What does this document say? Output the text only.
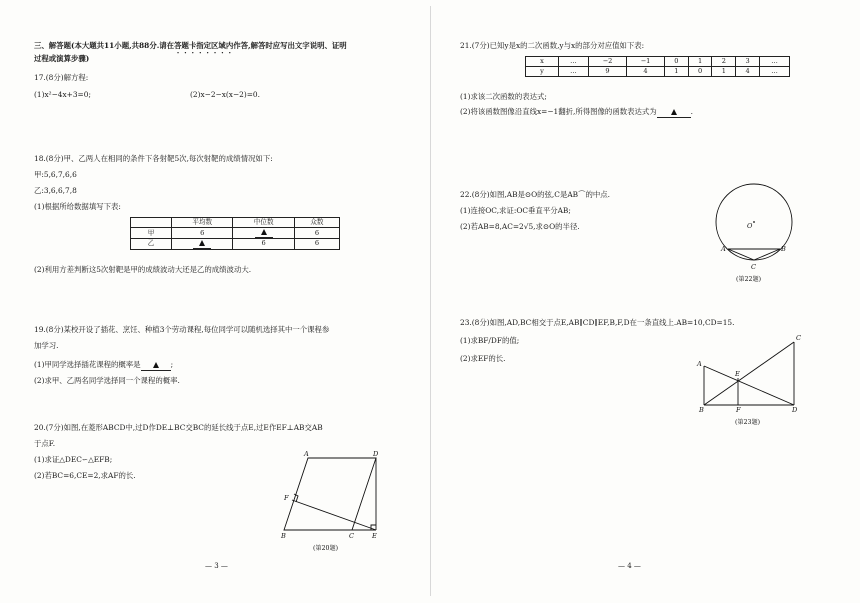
三、解答题(本大题共11小题,共88分.请在答题卡指定区域内作答,解答时应写出文字说明、证明
过程或演算步骤)
17.(8分)解方程:
(1)x²−4x+3=0;	(2)x−2−x(x−2)=0.
18.(8分)甲、乙两人在相同的条件下各射靶5次,每次射靶的成绩情况如下:
甲:5,6,7,6,6
乙:3,6,6,7,8
(1)根据所给数据填写下表:
	平均数	中位数	众数
甲	6		6
乙		6	6
(2)利用方差判断这5次射靶是甲的成绩波动大还是乙的成绩波动大.
19.(8分)某校开设了插花、烹饪、种植3个劳动课程,每位同学可以随机选择其中一个课程参
加学习.
(1)甲同学选择插花课程的概率是	;
(2)求甲、乙两名同学选择同一个课程的概率.
20.(7分)如图,在菱形ABCD中,过D作DE⊥BC交BC的延长线于点E,过E作EF⊥AB交AB
于点F.
(1)求证△DEC∽△EFB;
(2)若BC=6,CE=2,求AF的长.
A	D
F
B	C	E
(第20题)
— 3 —
21.(7分)已知y是x的二次函数,y与x的部分对应值如下表:
x	…	−2	−1	0	1	2	3	…
y	…	9	4	1	0	1	4	…
(1)求该二次函数的表达式;
(2)将该函数图像沿直线x=−1翻折,所得图像的函数表达式为	.
22.(8分)如图,AB是⊙O的弦,C是AB⌒的中点.
(1)连接OC,求证:OC垂直平分AB;
(2)若AB=8,AC=2√5,求⊙O的半径.	O
A	B
C
(第22题)
23.(8分)如图,AD,BC相交于点E,AB∥CD∥EF,B,F,D在一条直线上.AB=10,CD=15.
(1)求BF/DF的值;
(2)求EF的长.
A
C
E
B	F	D
(第23题)
— 4 —
